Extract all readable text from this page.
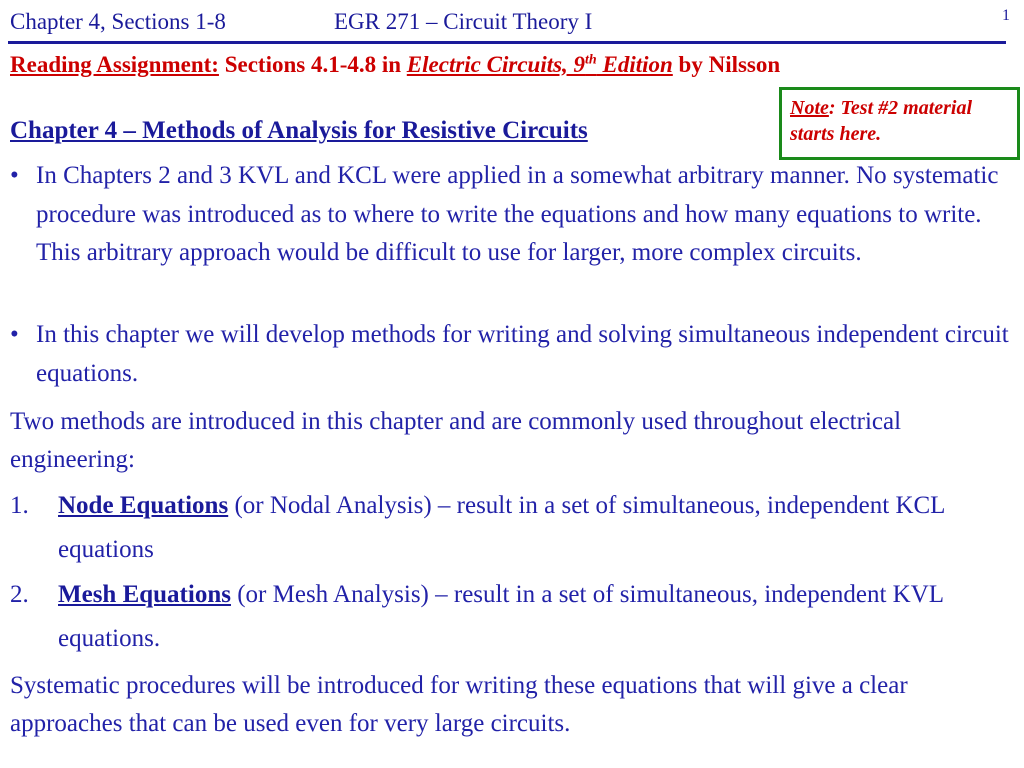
Chapter 4, Sections 1-8	EGR 271 – Circuit Theory I	1
Reading Assignment: Sections 4.1-4.8 in Electric Circuits, 9th Edition by Nilsson
Note: Test #2 material starts here.
Chapter 4 – Methods of Analysis for Resistive Circuits
• In Chapters 2 and 3 KVL and KCL were applied in a somewhat arbitrary manner. No systematic procedure was introduced as to where to write the equations and how many equations to write. This arbitrary approach would be difficult to use for larger, more complex circuits.
• In this chapter we will develop methods for writing and solving simultaneous independent circuit equations.
Two methods are introduced in this chapter and are commonly used throughout electrical engineering:
1. Node Equations (or Nodal Analysis) – result in a set of simultaneous, independent KCL equations
2. Mesh Equations (or Mesh Analysis) – result in a set of simultaneous, independent KVL equations.
Systematic procedures will be introduced for writing these equations that will give a clear approaches that can be used even for very large circuits.
